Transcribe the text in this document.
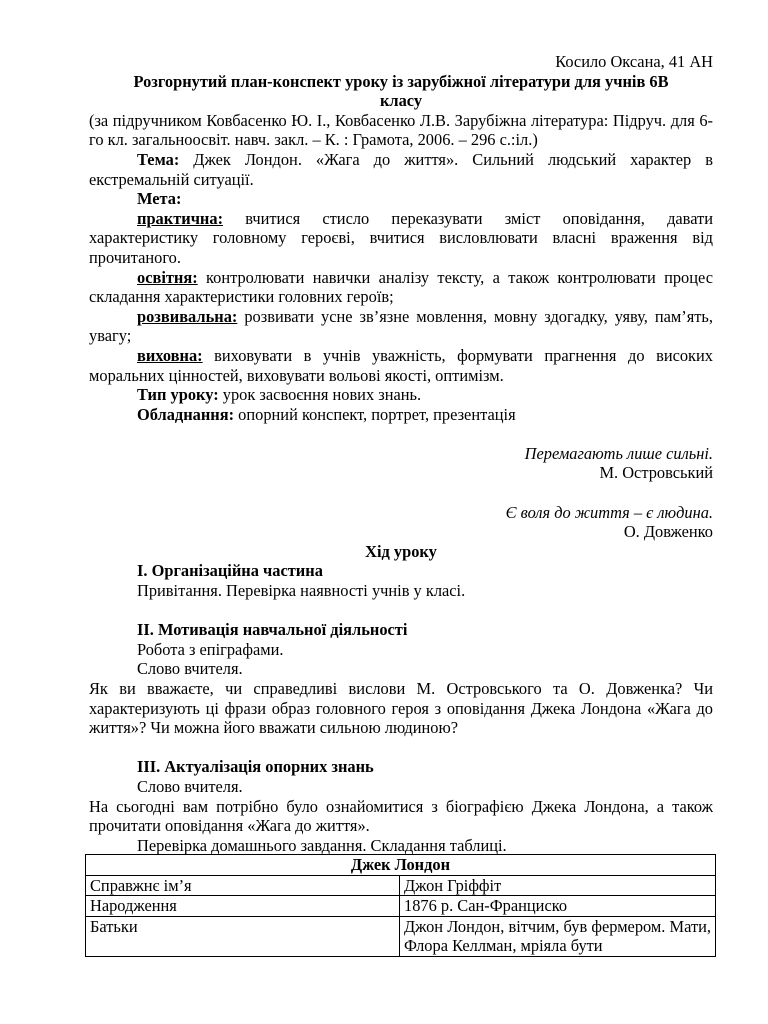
Косило Оксана, 41 АН

Розгорнутий план-конспект уроку із зарубіжної літератури для учнів 6В
класу

(за підручником Ковбасенко Ю. І., Ковбасенко Л.В. Зарубіжна література: Підруч. для 6-го кл. загальноосвіт. навч. закл. – К. : Грамота, 2006. – 296 с.:іл.)

Тема: Джек Лондон. «Жага до життя». Сильний людський характер в екстремальній ситуації.

Мета:

практична: вчитися стисло переказувати зміст оповідання, давати характеристику головному героєві, вчитися висловлювати власні враження від прочитаного.

освітня: контролювати навички аналізу тексту, а також контролювати процес складання характеристики головних героїв;

розвивальна: розвивати усне зв’язне мовлення, мовну здогадку, уяву, пам’ять, увагу;

виховна: виховувати в учнів уважність, формувати прагнення до високих моральних цінностей, виховувати вольові якості, оптимізм.

Тип уроку: урок засвоєння нових знань.

Обладнання: опорний конспект, портрет, презентація

Перемагають лише сильні.

М. Островський

Є воля до життя – є людина.

О. Довженко

Хід уроку

І. Організаційна частина

Привітання. Перевірка наявності учнів у класі.

ІІ. Мотивація навчальної діяльності

Робота з епіграфами.

Слово вчителя.

Як ви вважаєте, чи справедливі вислови М. Островського та О. Довженка? Чи характеризують ці фрази образ головного героя з оповідання Джека Лондона «Жага до життя»? Чи можна його вважати сильною людиною?

ІІІ. Актуалізація опорних знань

Слово вчителя.

На сьогодні вам потрібно було ознайомитися з біографією Джека Лондона, а також прочитати оповідання «Жага до життя».

Перевірка домашнього завдання. Складання таблиці.

Джек Лондон	
Справжнє ім’я	Джон Гріффіт
Народження	1876 р. Сан-Франциско
Батьки	Джон Лондон, вітчим, був фермером. Мати, Флора Келлман, мріяла бути
